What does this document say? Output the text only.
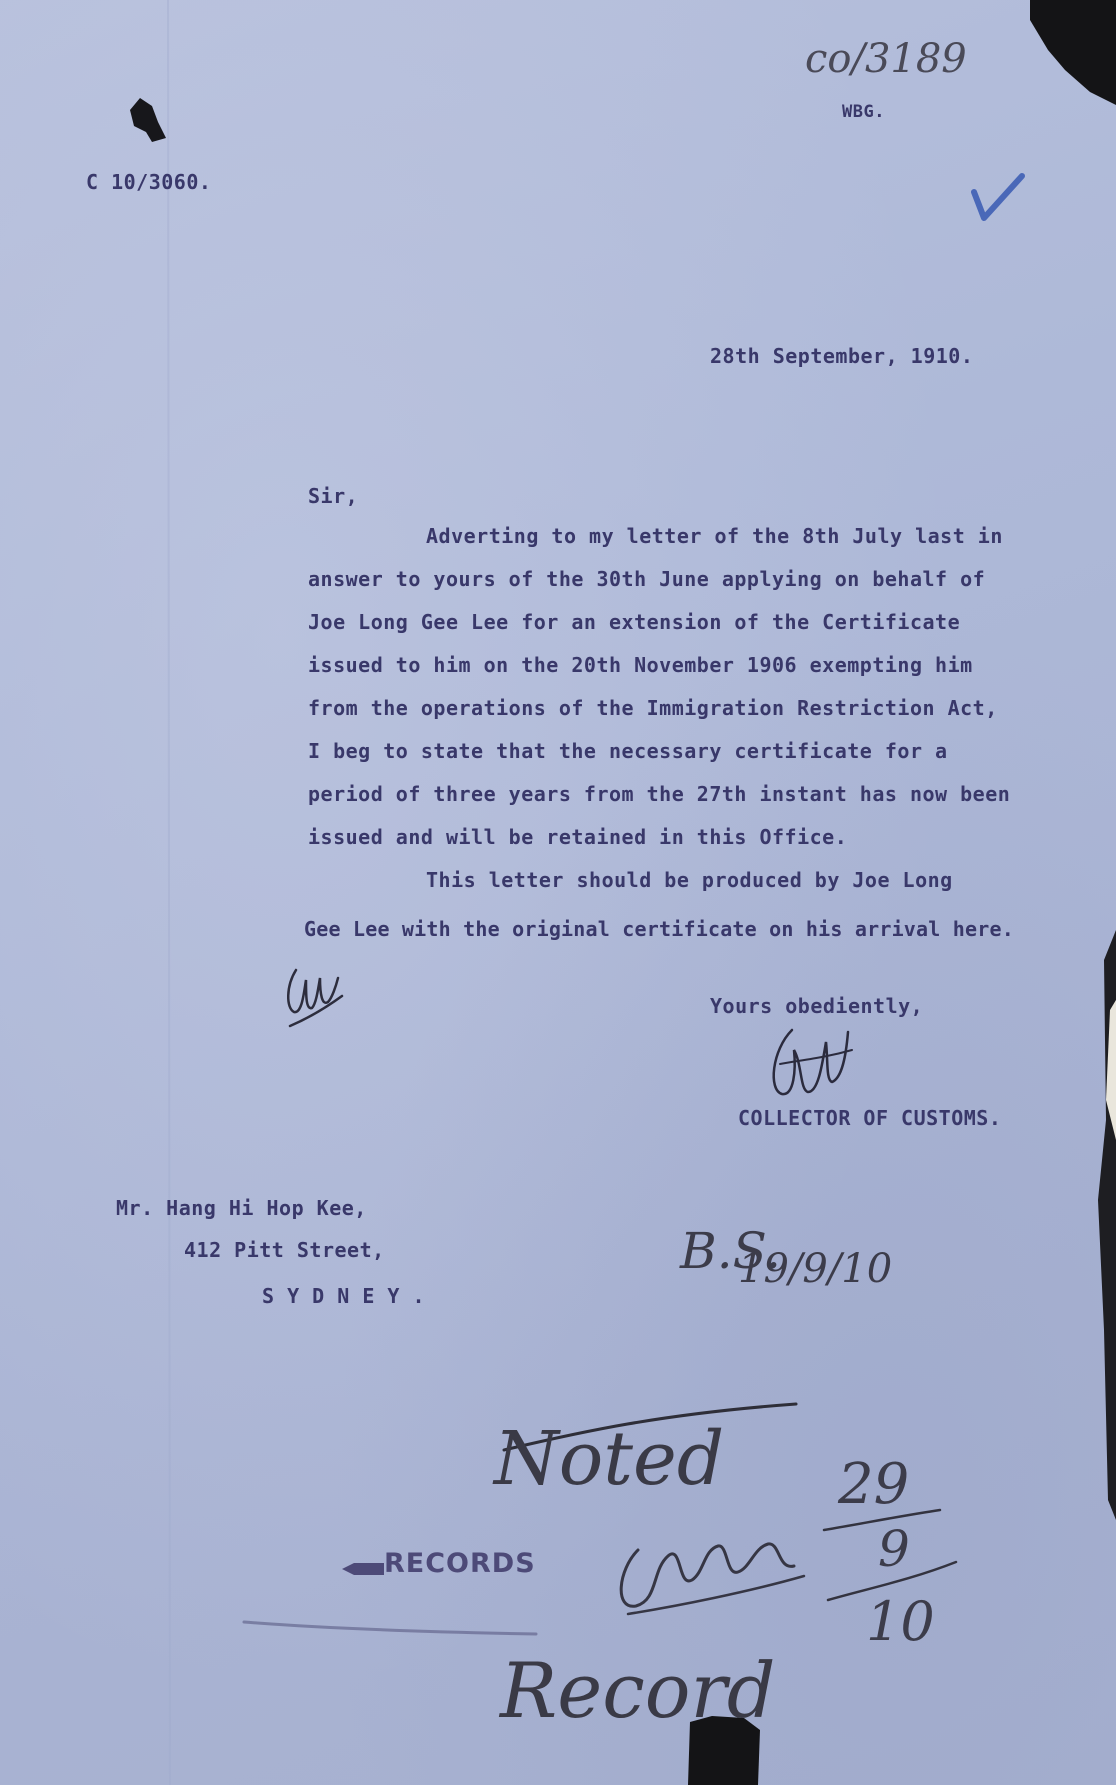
co/3189

WBG.

C 10/3060.

28th September, 1910.

Sir,

Adverting to my letter of the 8th July last in

answer to yours of the 30th June applying on behalf of

Joe Long Gee Lee for an extension of the Certificate

issued to him on the 20th November 1906 exempting him

from the operations of the Immigration Restriction Act,

I beg to state that the necessary certificate for a

period of three years from the 27th instant has now been

issued and will be retained in this Office.

This letter should be produced by Joe Long

Gee Lee with the original certificate on his arrival here.

Yours obediently,

COLLECTOR OF CUSTOMS.

Mr. Hang Hi Hop Kee,

412 Pitt Street,

S Y D N E Y .

B.S.
19/9/10
Noted 29
9
10
RECORDS
Record
